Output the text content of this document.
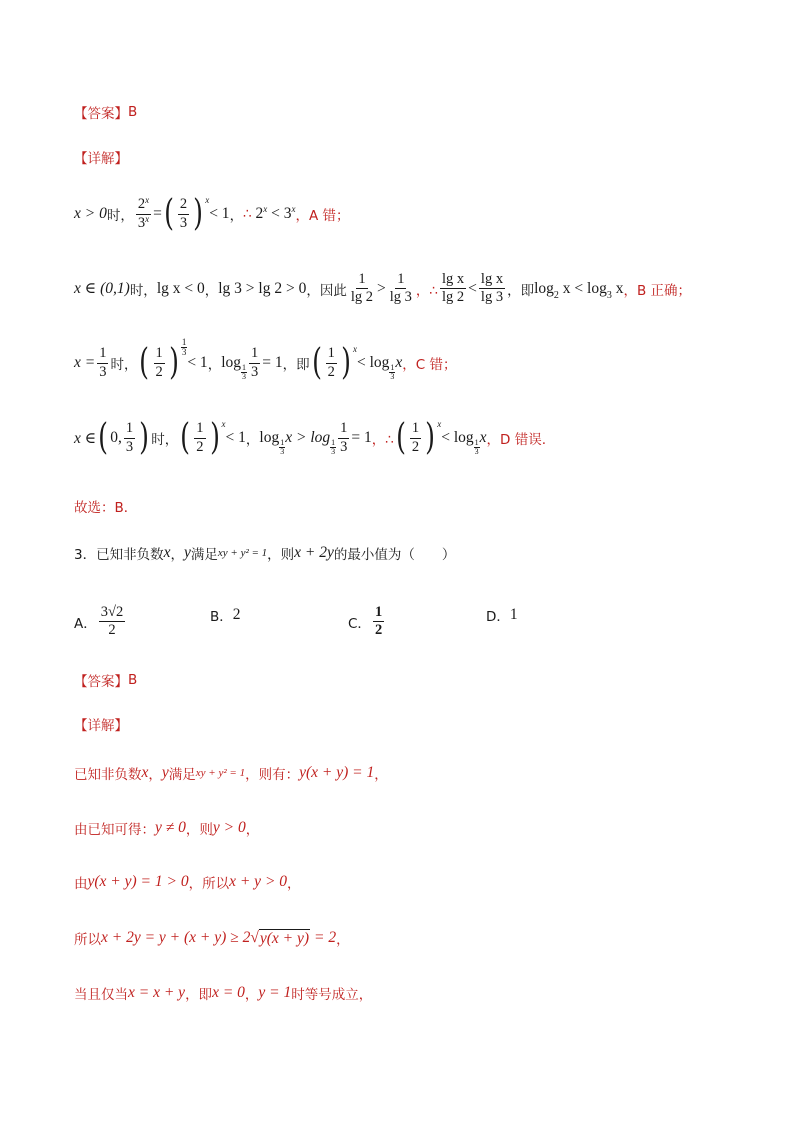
【答案】 B
【详解】
x > 0 时， $\frac{2^x}{3^x}$ = ( $\frac{2}{3}$ ) x
< 1 ， ∴ $2^x < 3^x$ ，A 错；
x ∈ (0,1) 时， lg x < 0 ， lg 3 > lg 2 > 0 ，因此 $\frac{1}{\lg 2} > \frac{1}{\lg 3}$ ，∴ $\frac{\text{lg x}}{\lg 2} < \frac{\text{lg x}}{\lg 3}$ ，即 $\log_2 x < \log_3 x$ ，B 正确；
$x = \frac{1}{3}$ 时， ( $\frac{1}{2}$ ) $\frac{1}{3}$
< 1 ， log
$\frac{1}{3} \frac{1}{3} = 1$ ，即 ( $\frac{1}{2}$ ) x
< log
$\frac{1}{3}$
x ，C 错；
x ∈ ( 0, $\frac{1}{3}$ ) 时， ( $\frac{1}{2}$ ) x
< 1 ， log
$\frac{1}{3}$
x > log
$\frac{1}{3} \frac{1}{3} = 1$ ，∴ ( $\frac{1}{2}$ ) x
< log
$\frac{1}{3}$
x ，D 错误.
故选：B．
3．已知非负数 x ， y 满足 xy + y² = 1 ，则 x + 2y 的最小值为（　　）
A． $\frac{3√2}{2}$	B． 2
C． $\frac{1}{2}$	D． 1
【答案】 B
【详解】
已知非负数 x ， y 满足 xy + y² = 1 ，则有： y(x + y) = 1 ，
由已知可得： y ≠ 0 ，则 y > 0 ，
由 y(x + y) = 1 > 0 ，所以 x + y > 0 ，
所以 x + 2y = y + (x + y) ≥ 2 √ y(x + y) = 2 ，
当且仅当 x = x + y ，即 x = 0 ， y = 1 时等号成立，
